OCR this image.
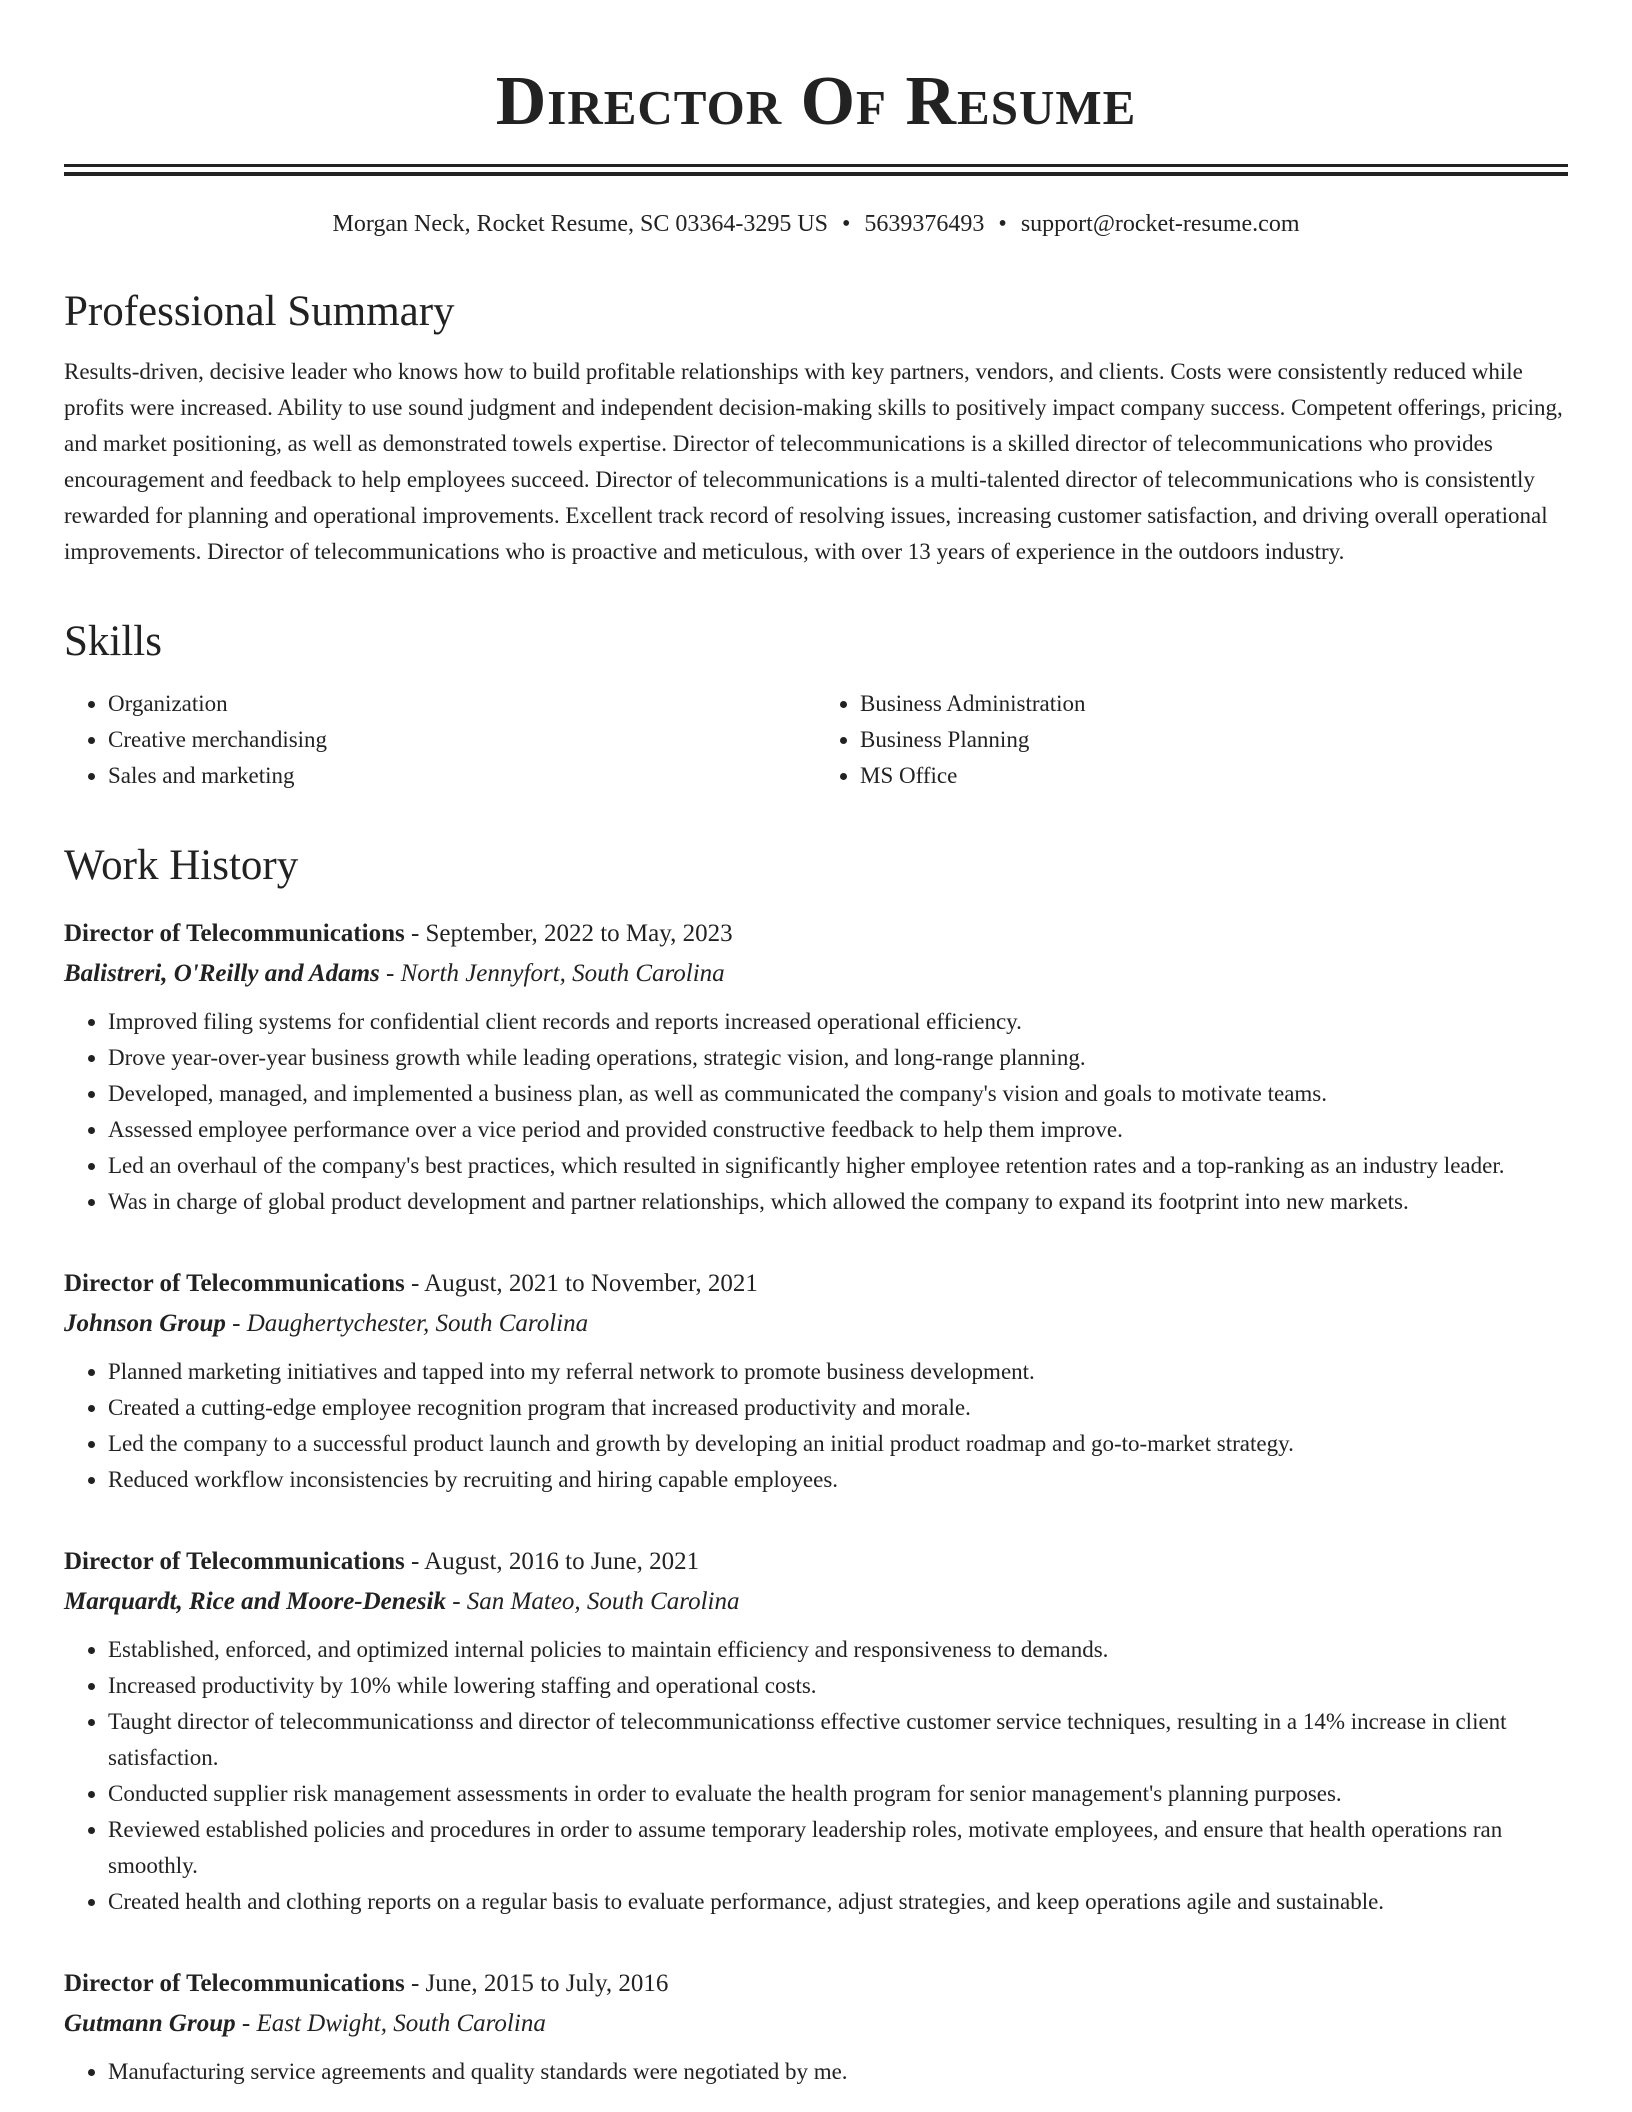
Director Of Resume
Morgan Neck, Rocket Resume, SC 03364-3295 US • 5639376493 • support@rocket-resume.com
Professional Summary
Results-driven, decisive leader who knows how to build profitable relationships with key partners, vendors, and clients. Costs were consistently reduced while profits were increased. Ability to use sound judgment and independent decision-making skills to positively impact company success. Competent offerings, pricing, and market positioning, as well as demonstrated towels expertise. Director of telecommunications is a skilled director of telecommunications who provides encouragement and feedback to help employees succeed. Director of telecommunications is a multi-talented director of telecommunications who is consistently rewarded for planning and operational improvements. Excellent track record of resolving issues, increasing customer satisfaction, and driving overall operational improvements. Director of telecommunications who is proactive and meticulous, with over 13 years of experience in the outdoors industry.
Skills
• Organization
• Creative merchandising
• Sales and marketing
• Business Administration
• Business Planning
• MS Office
Work History
Director of Telecommunications - September, 2022 to May, 2023
Balistreri, O'Reilly and Adams - North Jennyfort, South Carolina
• Improved filing systems for confidential client records and reports increased operational efficiency.
• Drove year-over-year business growth while leading operations, strategic vision, and long-range planning.
• Developed, managed, and implemented a business plan, as well as communicated the company's vision and goals to motivate teams.
• Assessed employee performance over a vice period and provided constructive feedback to help them improve.
• Led an overhaul of the company's best practices, which resulted in significantly higher employee retention rates and a top-ranking as an industry leader.
• Was in charge of global product development and partner relationships, which allowed the company to expand its footprint into new markets.
Director of Telecommunications - August, 2021 to November, 2021
Johnson Group - Daughertychester, South Carolina
• Planned marketing initiatives and tapped into my referral network to promote business development.
• Created a cutting-edge employee recognition program that increased productivity and morale.
• Led the company to a successful product launch and growth by developing an initial product roadmap and go-to-market strategy.
• Reduced workflow inconsistencies by recruiting and hiring capable employees.
Director of Telecommunications - August, 2016 to June, 2021
Marquardt, Rice and Moore-Denesik - San Mateo, South Carolina
• Established, enforced, and optimized internal policies to maintain efficiency and responsiveness to demands.
• Increased productivity by 10% while lowering staffing and operational costs.
• Taught director of telecommunicationss and director of telecommunicationss effective customer service techniques, resulting in a 14% increase in client satisfaction.
• Conducted supplier risk management assessments in order to evaluate the health program for senior management's planning purposes.
• Reviewed established policies and procedures in order to assume temporary leadership roles, motivate employees, and ensure that health operations ran smoothly.
• Created health and clothing reports on a regular basis to evaluate performance, adjust strategies, and keep operations agile and sustainable.
Director of Telecommunications - June, 2015 to July, 2016
Gutmann Group - East Dwight, South Carolina
• Manufacturing service agreements and quality standards were negotiated by me.
